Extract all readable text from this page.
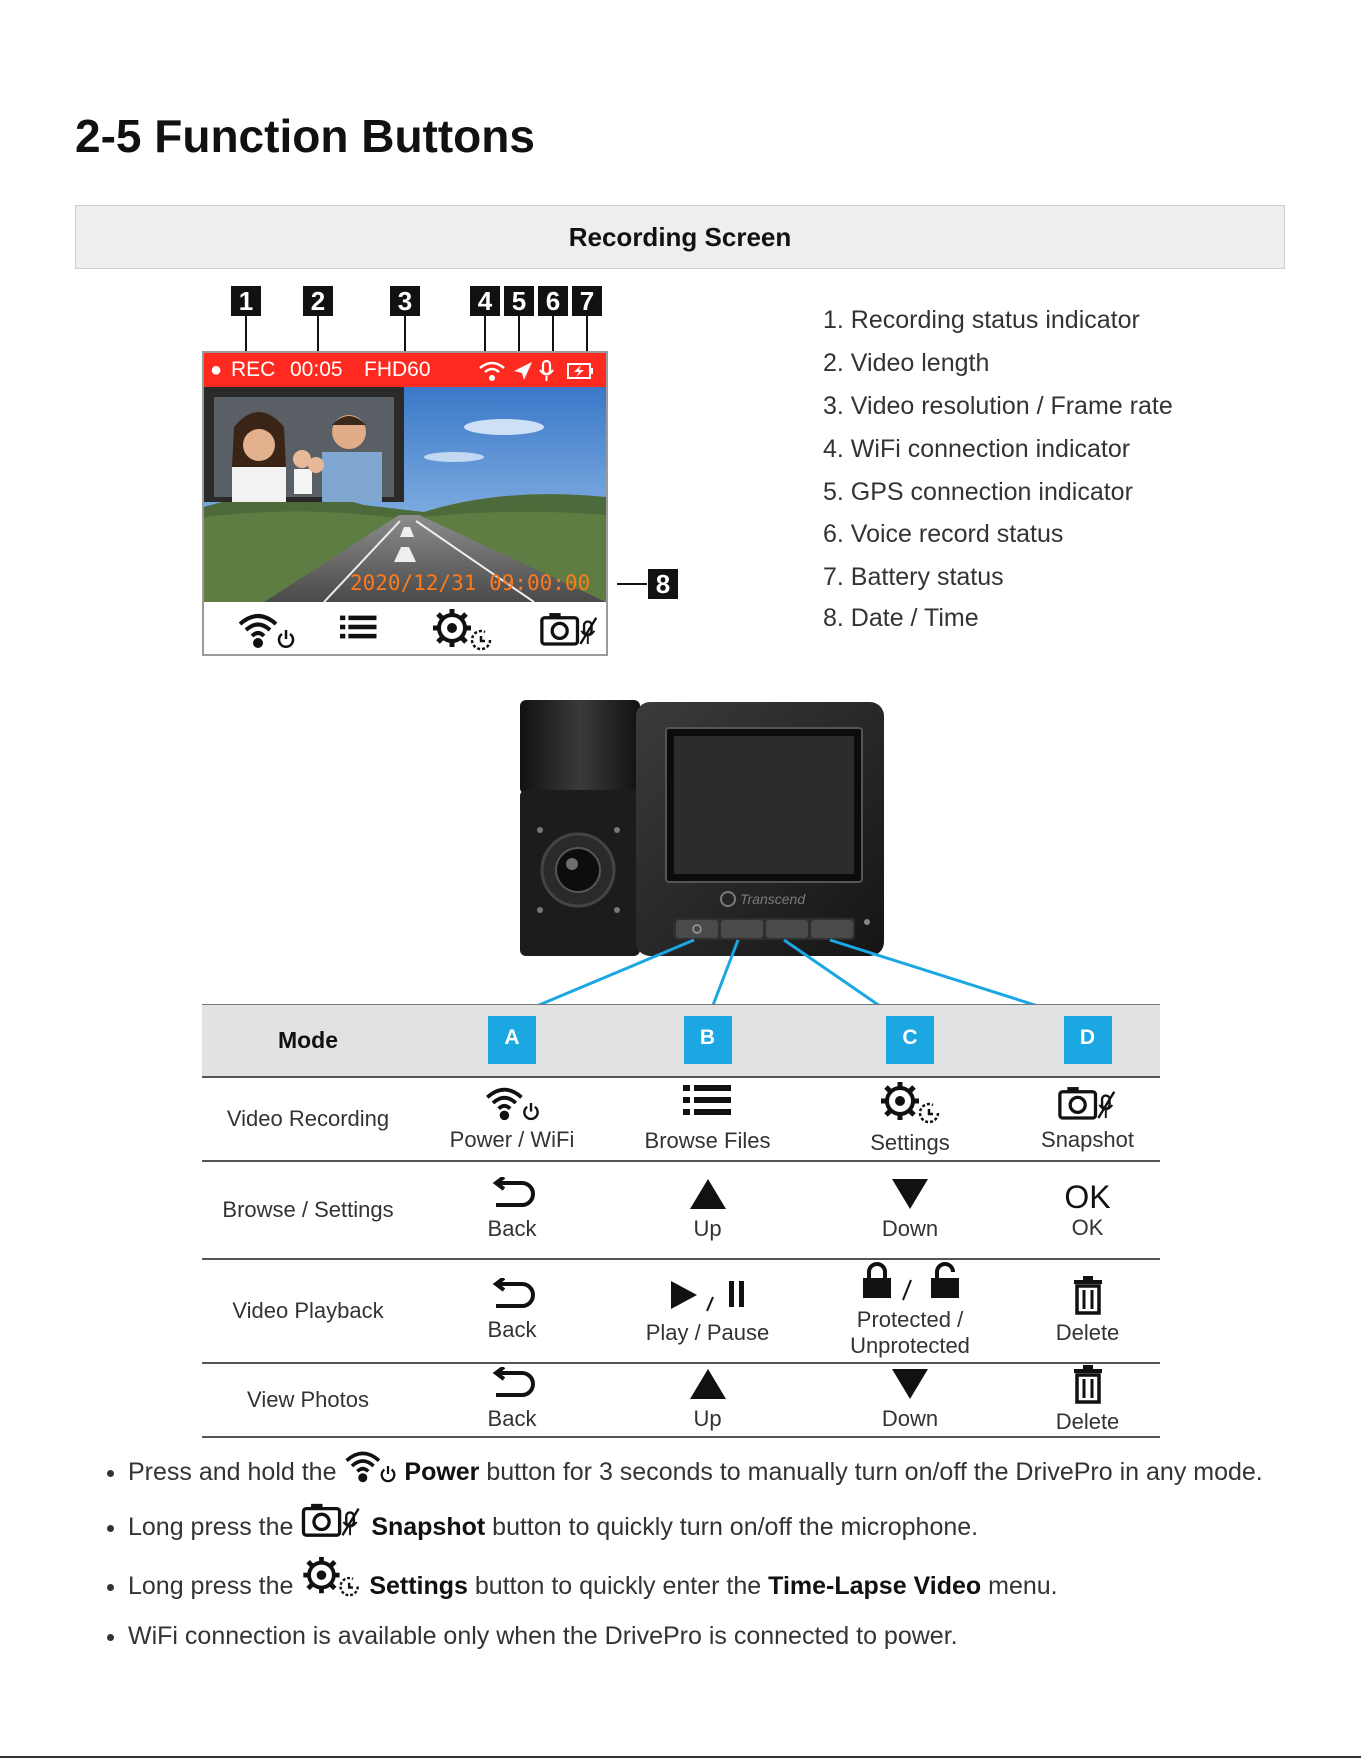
2-5 Function Buttons
Recording Screen
1 2	3	4 5 6 7
● REC 00:05 FHD60
2020/12/31 09:00:00	8
1. Recording status indicator
2. Video length
3. Video resolution / Frame rate
4. WiFi connection indicator
5. GPS connection indicator
6. Voice record status
7. Battery status
8. Date / Time
Transcend
Mode	A	B	C	D
Video Recording	Power / WiFi	Browse Files	Settings	Snapshot

Browse / Settings	Back	Up	Down	OK
OK

Video Playback	Back	Play / Pause	Protected / Unprotected	Delete

View Photos	Back	Up	Down	Delete
• Press and hold the	Power button for 3 seconds to manually turn on/off the DrivePro in any mode.
• Long press the	Snapshot button to quickly turn on/off the microphone.
• Long press the	Settings button to quickly enter the Time-Lapse Video menu.
• WiFi connection is available only when the DrivePro is connected to power.
